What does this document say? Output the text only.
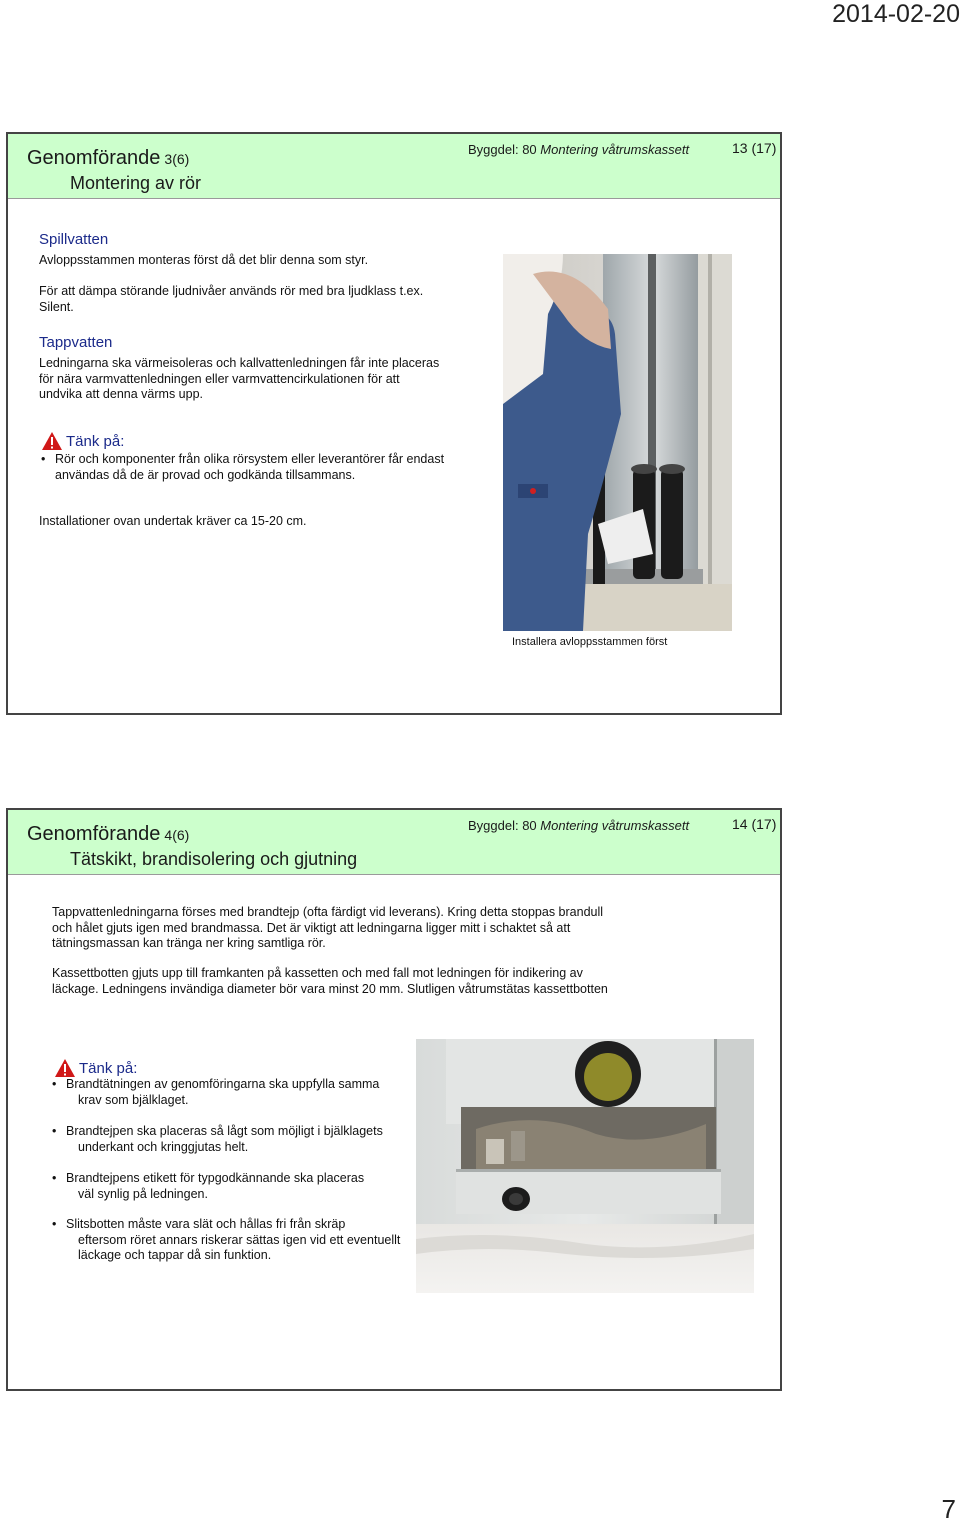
2014-02-20
Genomförande 3(6)
Montering av rör
Byggdel: 80 Montering våtrumskassett	13 (17)
Spillvatten
Avloppsstammen monteras först då det blir denna som styr.
För att dämpa störande ljudnivåer används rör med bra ljudklass t.ex.
Silent.
Tappvatten
Ledningarna ska värmeisoleras och kallvattenledningen får inte placeras
för nära varmvattenledningen eller varmvattencirkulationen för att
undvika att denna värms upp.
Tänk på:
• Rör och komponenter från olika rörsystem eller leverantörer får endast
användas då de är provad och godkända tillsammans.
Installationer ovan undertak kräver ca 15-20 cm.
Installera avloppsstammen först
Genomförande 4(6)
Tätskikt, brandisolering och gjutning
Byggdel: 80 Montering våtrumskassett	14 (17)
Tappvattenledningarna förses med brandtejp (ofta färdigt vid leverans). Kring detta stoppas brandull
och hålet gjuts igen med brandmassa. Det är viktigt att ledningarna ligger mitt i schaktet så att
tätningsmassan kan tränga ner kring samtliga rör.
Kassettbotten gjuts upp till framkanten på kassetten och med fall mot ledningen för indikering av
läckage. Ledningens invändiga diameter bör vara minst 20 mm. Slutligen våtrumstätas kassettbotten
Tänk på:
• Brandtätningen av genomföringarna ska uppfylla samma
krav som bjälklaget.
• Brandtejpen ska placeras så lågt som möjligt i bjälklagets
underkant och kringgjutas helt.
• Brandtejpens etikett för typgodkännande ska placeras
väl synlig på ledningen.
• Slitsbotten måste vara slät och hållas fri från skräp
eftersom röret annars riskerar sättas igen vid ett eventuellt
läckage och tappar då sin funktion.
7
